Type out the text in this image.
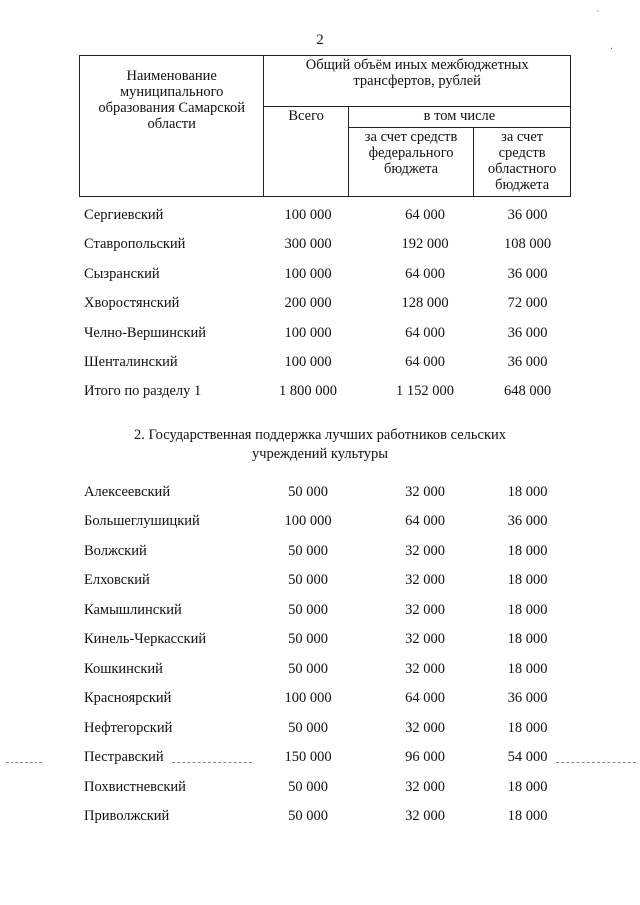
2
Наименование муниципального образования Самарской области	Общий объём иных межбюджетных трансфертов, рублей		
	Всего	в том числе	
		за счет средств федерального бюджета	за счет средств областного бюджета
Сергиевский	100 000	64 000	36 000
Ставропольский	300 000	192 000	108 000
Сызранский	100 000	64 000	36 000
Хворостянский	200 000	128 000	72 000
Челно-Вершинский	100 000	64 000	36 000
Шенталинский	100 000	64 000	36 000
Итого по разделу 1	1 800 000	1 152 000	648 000
2. Государственная поддержка лучших работников сельских
учреждений культуры
Алексеевский	50 000	32 000	18 000
Большеглушицкий	100 000	64 000	36 000
Волжский	50 000	32 000	18 000
Елховский	50 000	32 000	18 000
Камышлинский	50 000	32 000	18 000
Кинель-Черкасский	50 000	32 000	18 000
Кошкинский	50 000	32 000	18 000
Красноярский	100 000	64 000	36 000
Нефтегорский	50 000	32 000	18 000
Пестравский	150 000	96 000	54 000
Похвистневский	50 000	32 000	18 000
Приволжский	50 000	32 000	18 000
ˋ
·
